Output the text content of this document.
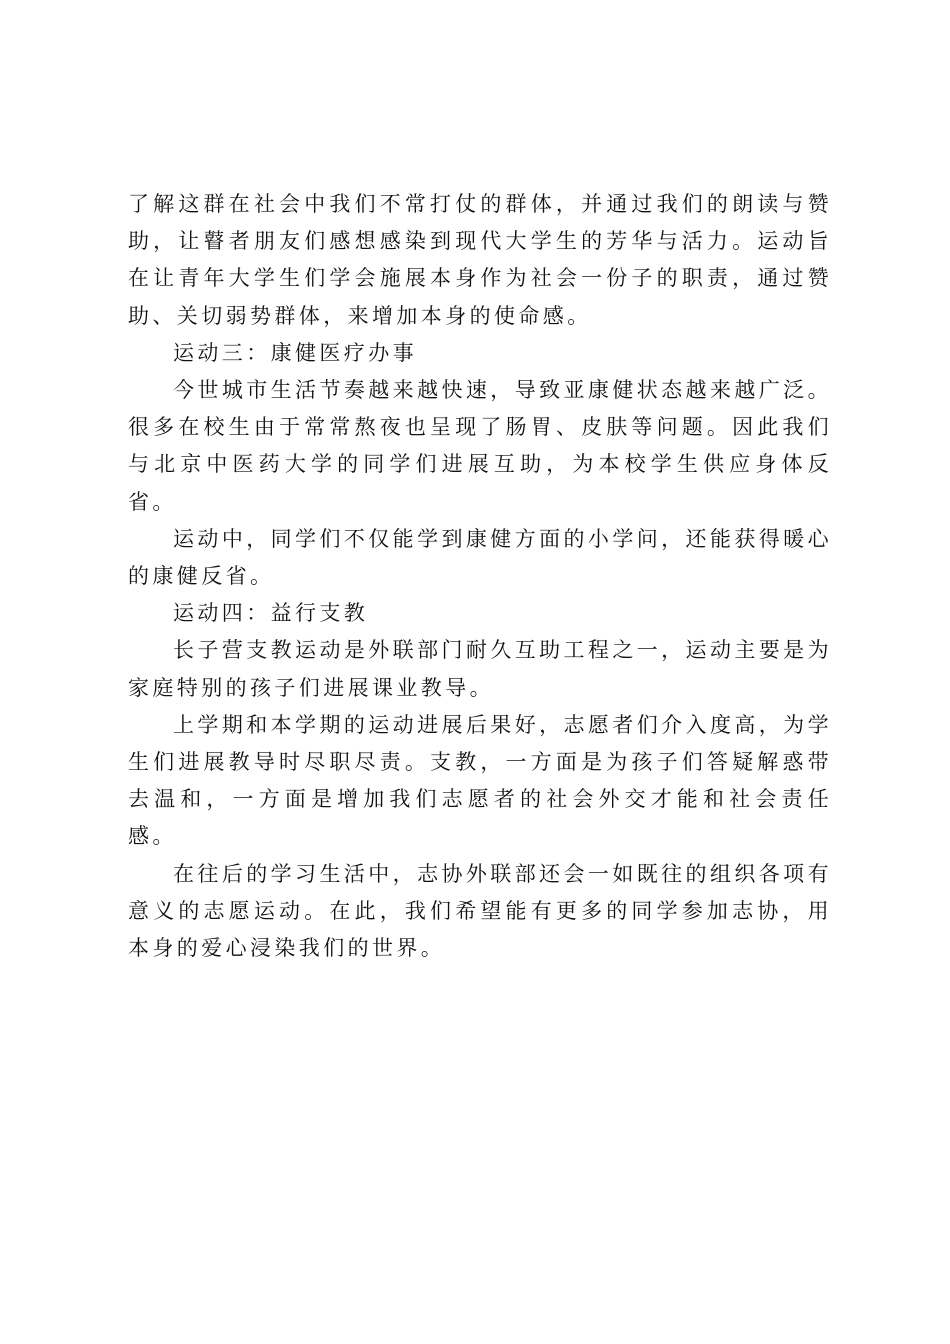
了解这群在社会中我们不常打仗的群体，并通过我们的朗读与赞助，让瞽者朋友们感想感染到现代大学生的芳华与活力。运动旨在让青年大学生们学会施展本身作为社会一份子的职责，通过赞助、关切弱势群体，来增加本身的使命感。

运动三：康健医疗办事

今世城市生活节奏越来越快速，导致亚康健状态越来越广泛。很多在校生由于常常熬夜也呈现了肠胃、皮肤等问题。因此我们与北京中医药大学的同学们进展互助，为本校学生供应身体反省。

运动中，同学们不仅能学到康健方面的小学问，还能获得暖心的康健反省。

运动四：益行支教

长子营支教运动是外联部门耐久互助工程之一，运动主要是为家庭特别的孩子们进展课业教导。

上学期和本学期的运动进展后果好，志愿者们介入度高，为学生们进展教导时尽职尽责。支教，一方面是为孩子们答疑解惑带去温和，一方面是增加我们志愿者的社会外交才能和社会责任感。

在往后的学习生活中，志协外联部还会一如既往的组织各项有意义的志愿运动。在此，我们希望能有更多的同学参加志协，用本身的爱心浸染我们的世界。
